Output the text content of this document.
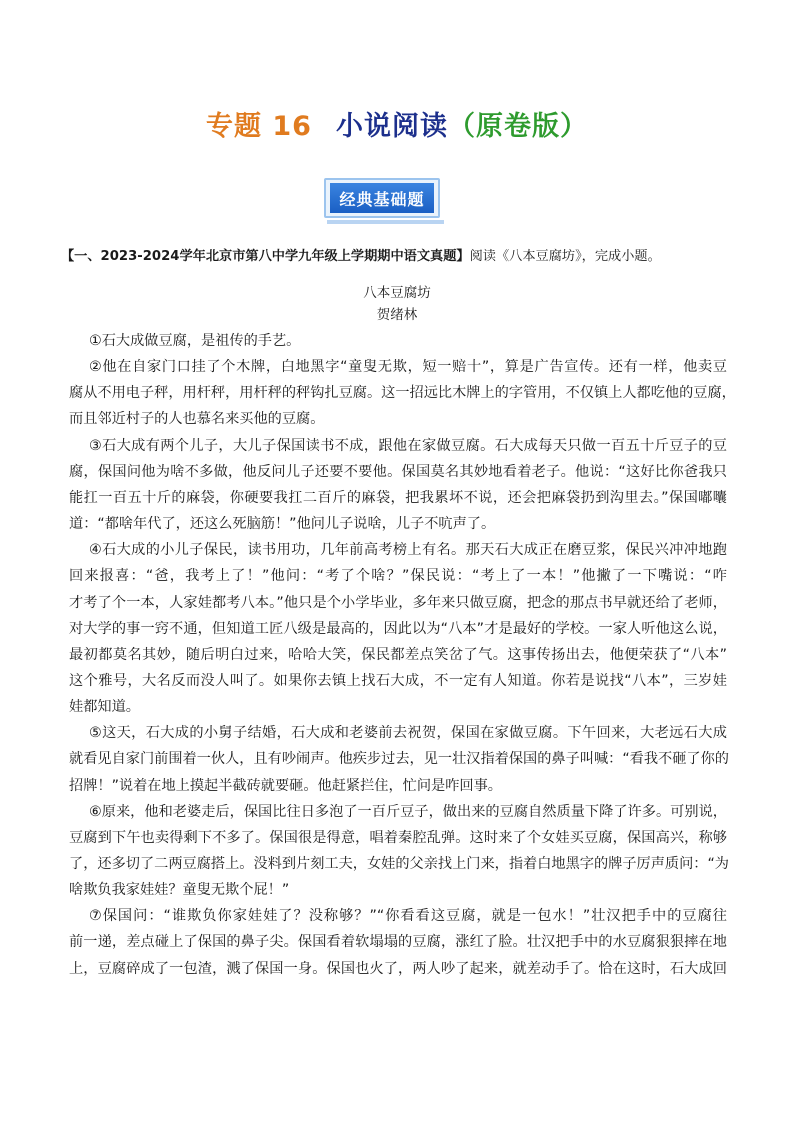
专题 16 小说阅读（原卷版）
经典基础题
【一、2023-2024学年北京市第八中学九年级上学期期中语文真题】阅读《八本豆腐坊》，完成小题。
八本豆腐坊
贺绪林
①石大成做豆腐，是祖传的手艺。
②他在自家门口挂了个木牌，白地黑字“童叟无欺，短一赔十”，算是广告宣传。还有一样，他卖豆
腐从不用电子秤，用杆秤，用杆秤的秤钩扎豆腐。这一招远比木牌上的字管用，不仅镇上人都吃他的豆腐，
而且邻近村子的人也慕名来买他的豆腐。
③石大成有两个儿子，大儿子保国读书不成，跟他在家做豆腐。石大成每天只做一百五十斤豆子的豆
腐，保国问他为啥不多做，他反问儿子还要不要他。保国莫名其妙地看着老子。他说：“这好比你爸我只
能扛一百五十斤的麻袋，你硬要我扛二百斤的麻袋，把我累坏不说，还会把麻袋扔到沟里去。”保国嘟囔
道：“都啥年代了，还这么死脑筋！”他问儿子说啥，儿子不吭声了。
④石大成的小儿子保民，读书用功，几年前高考榜上有名。那天石大成正在磨豆浆，保民兴冲冲地跑
回来报喜：“爸，我考上了！”他问：“考了个啥？”保民说：“考上了一本！”他撇了一下嘴说：“咋
才考了个一本，人家娃都考八本。”他只是个小学毕业，多年来只做豆腐，把念的那点书早就还给了老师，
对大学的事一窍不通，但知道工匠八级是最高的，因此以为“八本”才是最好的学校。一家人听他这么说，
最初都莫名其妙，随后明白过来，哈哈大笑，保民都差点笑岔了气。这事传扬出去，他便荣获了“八本”
这个雅号，大名反而没人叫了。如果你去镇上找石大成，不一定有人知道。你若是说找“八本”，三岁娃
娃都知道。
⑤这天，石大成的小舅子结婚，石大成和老婆前去祝贺，保国在家做豆腐。下午回来，大老远石大成
就看见自家门前围着一伙人，且有吵闹声。他疾步过去，见一壮汉指着保国的鼻子叫喊：“看我不砸了你的
招牌！”说着在地上摸起半截砖就要砸。他赶紧拦住，忙问是咋回事。
⑥原来，他和老婆走后，保国比往日多泡了一百斤豆子，做出来的豆腐自然质量下降了许多。可别说，
豆腐到下午也卖得剩下不多了。保国很是得意，唱着秦腔乱弹。这时来了个女娃买豆腐，保国高兴，称够
了，还多切了二两豆腐搭上。没料到片刻工夫，女娃的父亲找上门来，指着白地黑字的牌子厉声质问：“为
啥欺负我家娃娃？童叟无欺个屁！”
⑦保国问：“谁欺负你家娃娃了？没称够？”“你看看这豆腐，就是一包水！”壮汉把手中的豆腐往
前一递，差点碰上了保国的鼻子尖。保国看着软塌塌的豆腐，涨红了脸。壮汉把手中的水豆腐狠狠摔在地
上，豆腐碎成了一包渣，溅了保国一身。保国也火了，两人吵了起来，就差动手了。恰在这时，石大成回
